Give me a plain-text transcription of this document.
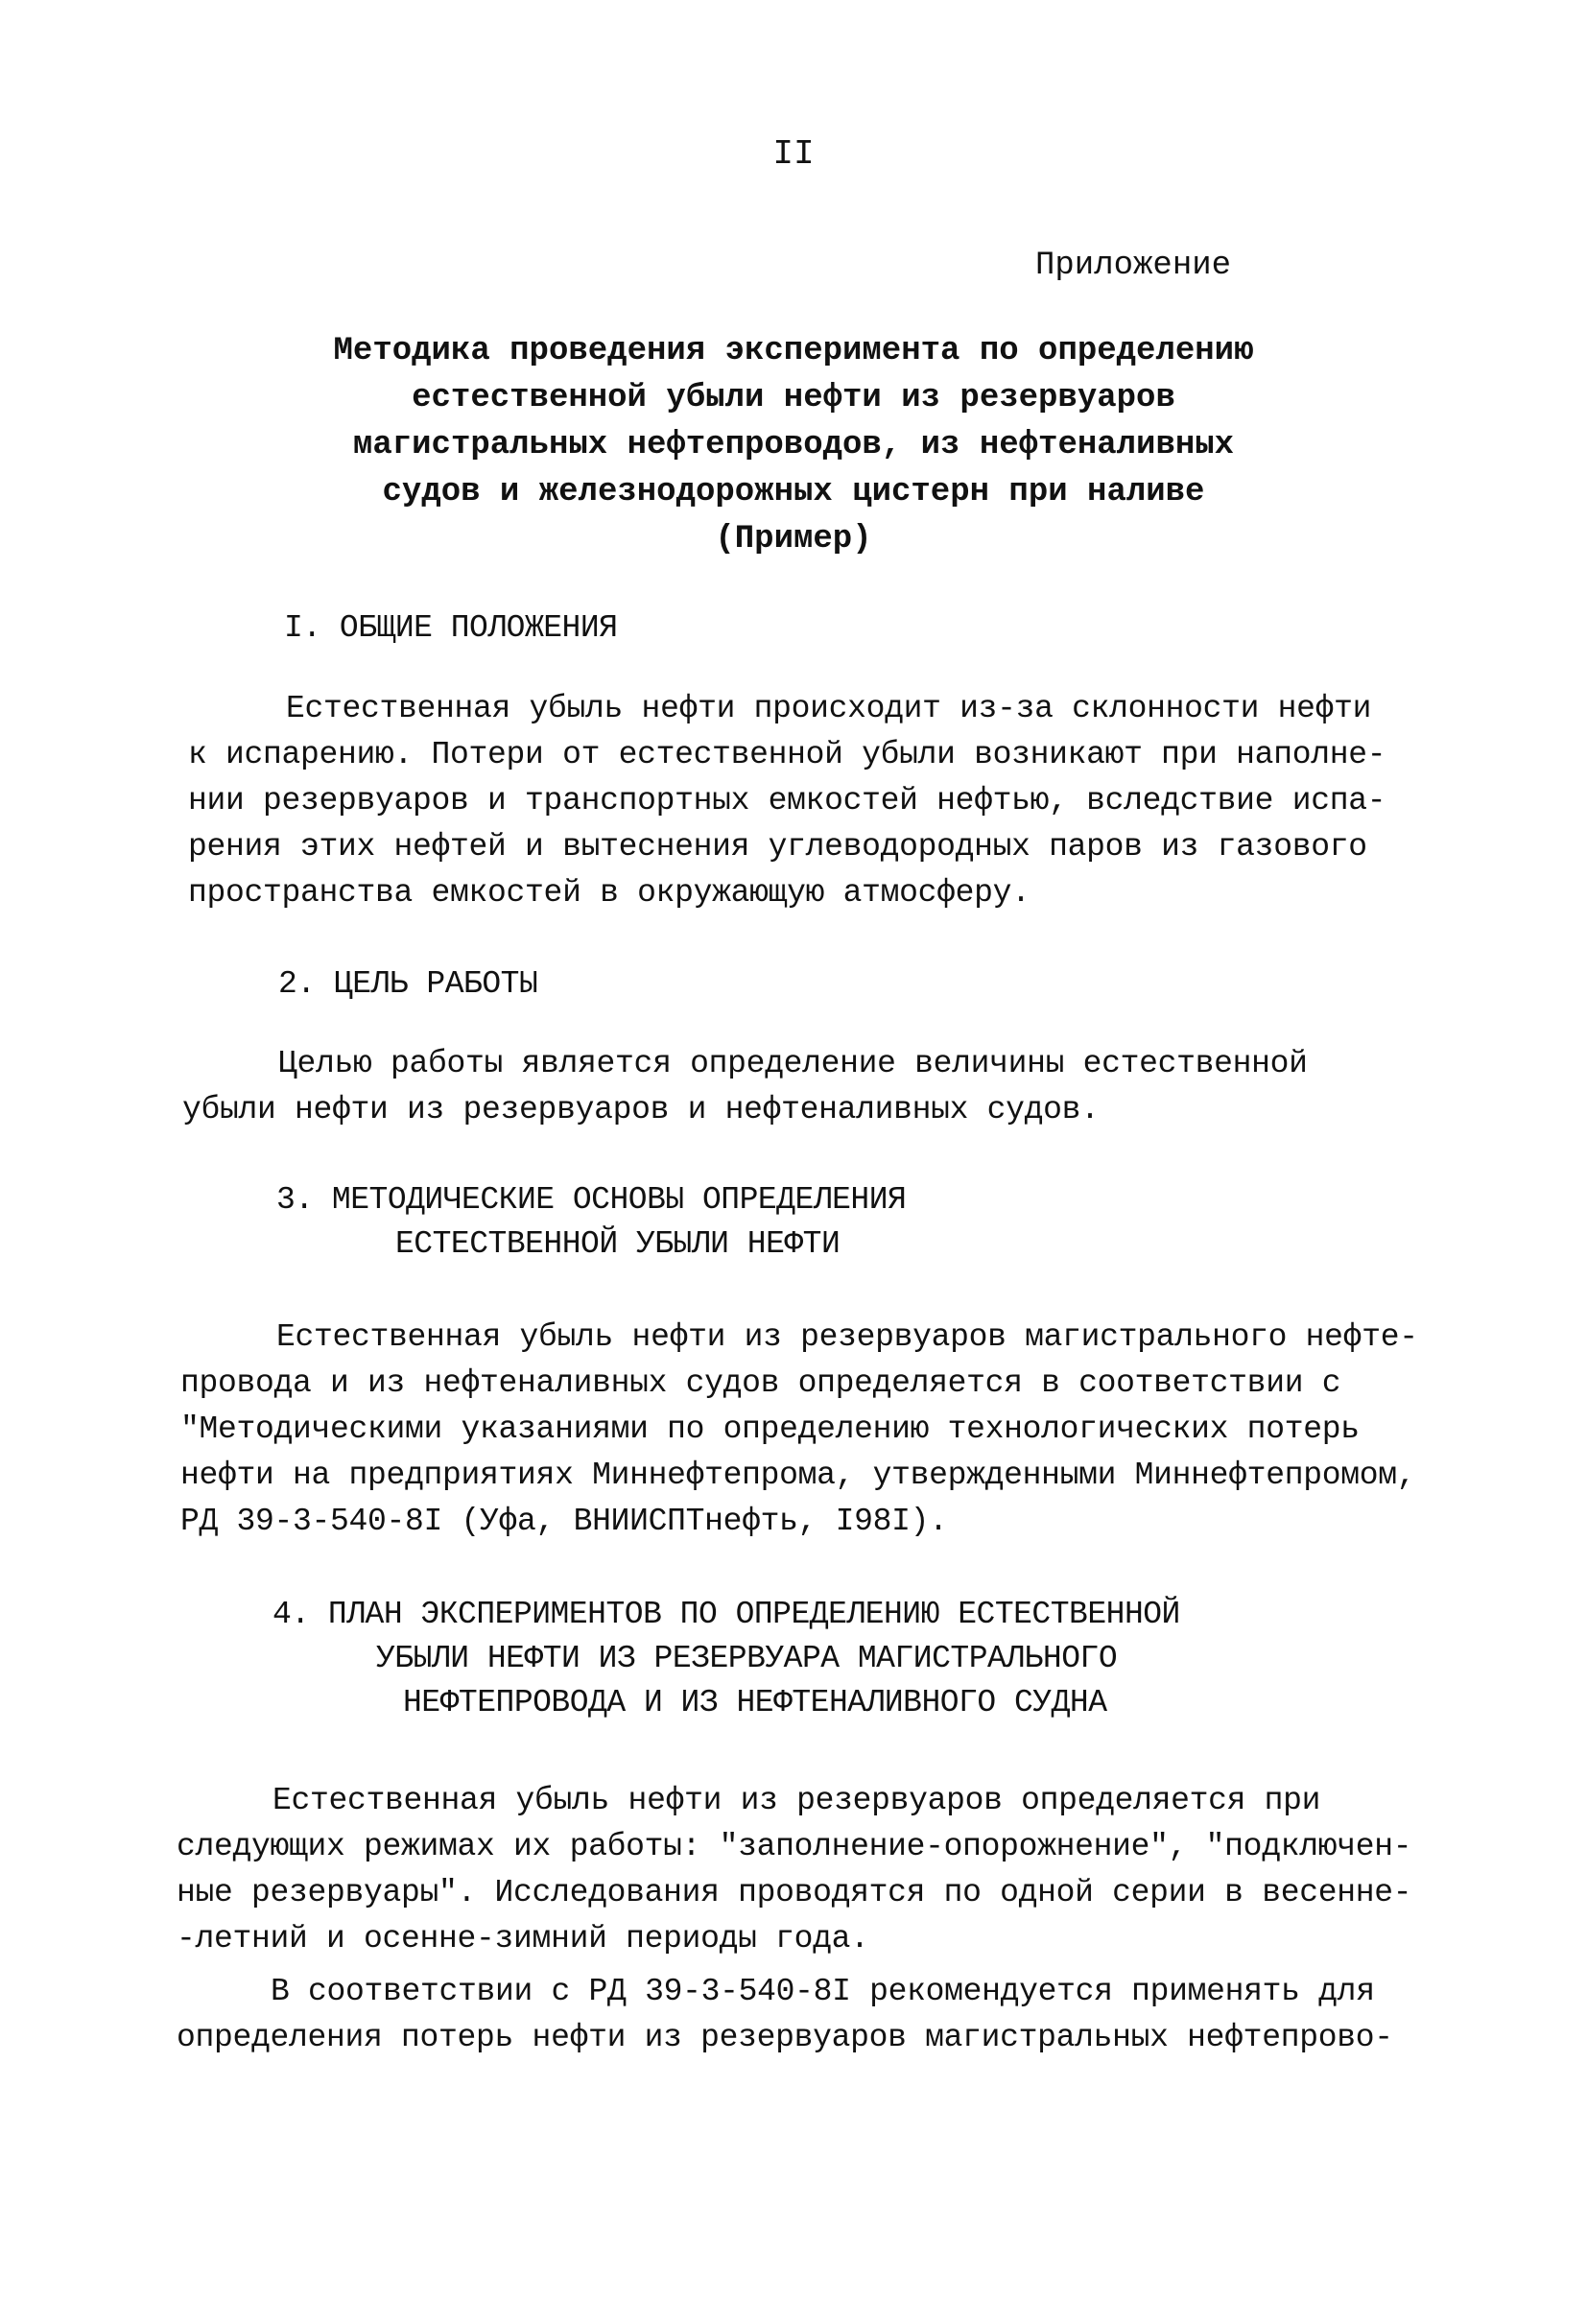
II
Приложение
Методика проведения эксперимента по определению
естественной убыли нефти из резервуаров
магистральных нефтепроводов, из нефтеналивных
судов и железнодорожных цистерн при наливе
(Пример)
I. ОБЩИЕ ПОЛОЖЕНИЯ
Естественная убыль нефти происходит из-за склонности нефти
к испарению. Потери от естественной убыли возникают при наполне-
нии резервуаров и транспортных емкостей нефтью, вследствие испа-
рения этих нефтей и вытеснения углеводородных паров из газового
пространства емкостей в окружающую атмосферу.
2. ЦЕЛЬ РАБОТЫ
Целью работы является определение величины естественной
убыли нефти из резервуаров и нефтеналивных судов.
3. МЕТОДИЧЕСКИЕ ОСНОВЫ ОПРЕДЕЛЕНИЯ
ЕСТЕСТВЕННОЙ УБЫЛИ НЕФТИ
Естественная убыль нефти из резервуаров магистрального нефте-
провода и из нефтеналивных судов определяется в соответствии с
"Методическими указаниями по определению технологических потерь
нефти на предприятиях Миннефтепрома, утвержденными Миннефтепромом,
РД 39-3-540-8I (Уфа, ВНИИСПТнефть, I98I).
4. ПЛАН ЭКСПЕРИМЕНТОВ ПО ОПРЕДЕЛЕНИЮ ЕСТЕСТВЕННОЙ
УБЫЛИ НЕФТИ ИЗ РЕЗЕРВУАРА МАГИСТРАЛЬНОГО
НЕФТЕПРОВОДА И ИЗ НЕФТЕНАЛИВНОГО СУДНА
Естественная убыль нефти из резервуаров определяется при
следующих режимах их работы: "заполнение-опорожнение", "подключен-
ные резервуары". Исследования проводятся по одной серии в весенне-
-летний и осенне-зимний периоды года.
В соответствии с РД 39-3-540-8I рекомендуется применять для
определения потерь нефти из резервуаров магистральных нефтепрово-
